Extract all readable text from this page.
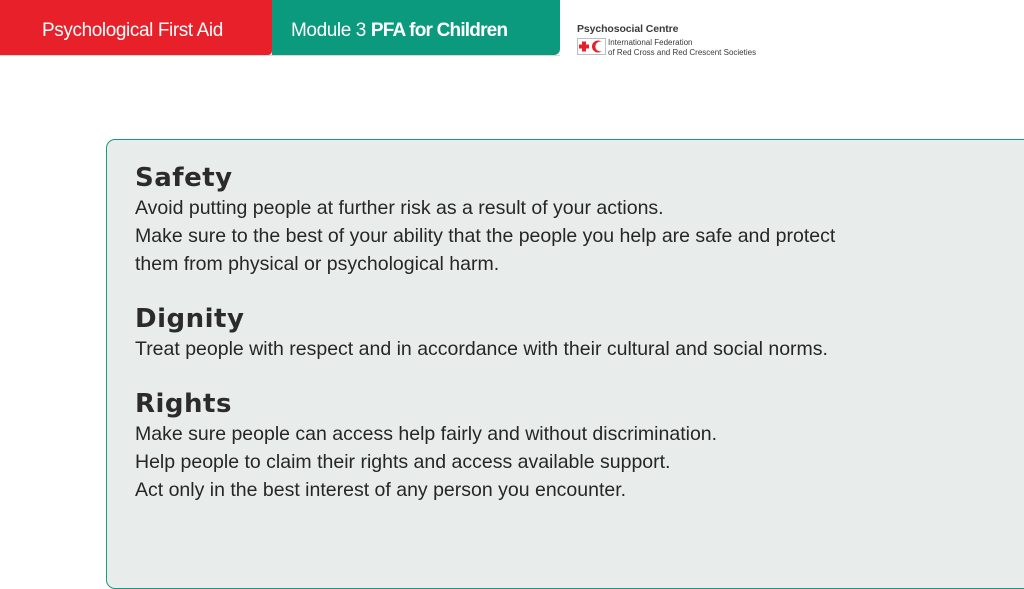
Psychological First Aid	Module 3 PFA for Children	Psychosocial Centre
International Federation
of Red Cross and Red Crescent Societies
Safety
Avoid putting people at further risk as a result of your actions.
Make sure to the best of your ability that the people you help are safe and protect
them from physical or psychological harm.
Dignity
Treat people with respect and in accordance with their cultural and social norms.
Rights
Make sure people can access help fairly and without discrimination.
Help people to claim their rights and access available support.
Act only in the best interest of any person you encounter.
